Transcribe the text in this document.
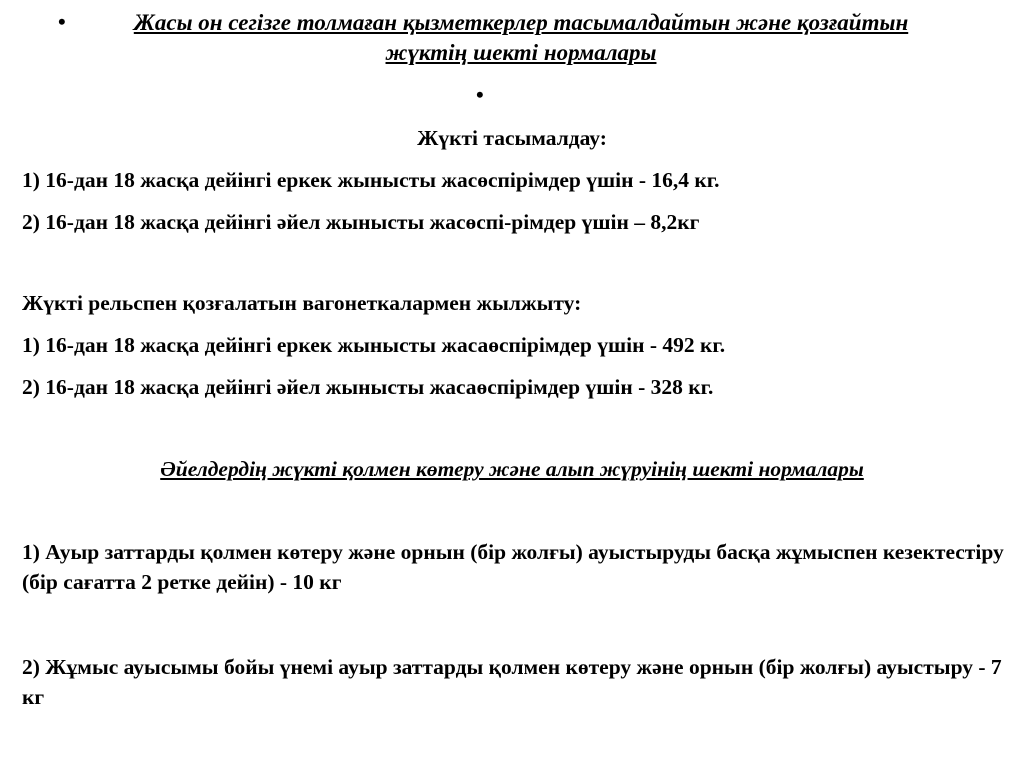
•	Жасы он сегізге толмаған қызметкерлер тасымалдайтын және қозғайтын жүктің шекті нормалары
•
Жүкті тасымалдау:
1) 16-дан 18 жасқа дейінгі еркек жынысты жасөспірімдер үшін - 16,4 кг.
2) 16-дан 18 жасқа дейінгі әйел жынысты жасөспі-рімдер үшін – 8,2кг
Жүкті рельспен қозғалатын вагонеткалармен жылжыту:
1) 16-дан 18 жасқа дейінгі еркек жынысты жасаөспірімдер үшін - 492 кг.
2) 16-дан 18 жасқа дейінгі әйел жынысты жасаөспірімдер үшін - 328 кг.
Әйелдердің жүкті қолмен көтеру және алып жүруінің шекті нормалары
1) Ауыр заттарды қолмен көтеру және орнын (бір жолғы) ауыстыруды басқа жұмыспен кезектестіру (бір сағатта 2 ретке дейін) - 10 кг
2) Жұмыс ауысымы бойы үнемі ауыр заттарды қолмен көтеру және орнын (бір жолғы) ауыстыру - 7 кг
